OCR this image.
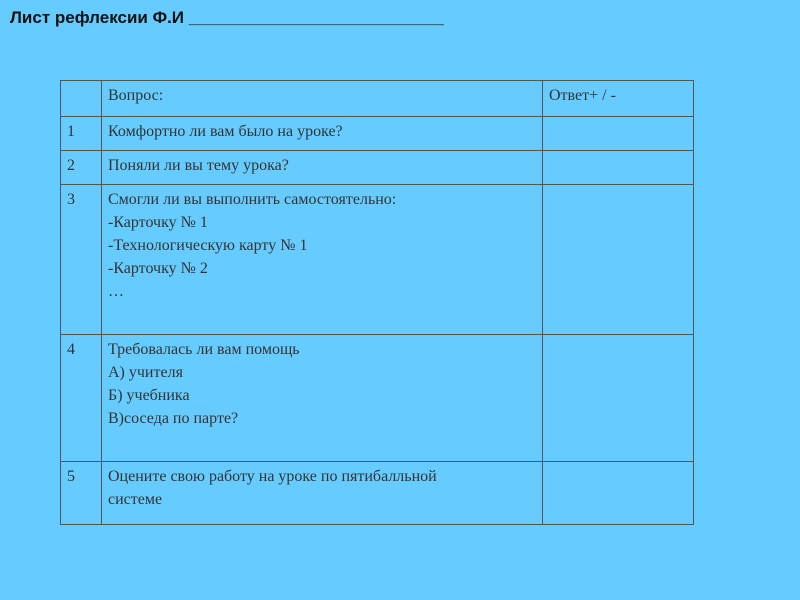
Лист рефлексии Ф.И ___________________________
	Вопрос:	Ответ+ / -
1	Комфортно ли вам было на уроке?	

2	Поняли ли вы тему урока?	

3	Смогли ли вы выполнить самостоятельно:
-Карточку № 1
-Технологическую карту № 1
-Карточку № 2
…	

4	Требовалась ли вам помощь
А) учителя
Б) учебника
В)соседа по парте?	

5	Оцените свою работу на уроке по пятибалльной
системе	
